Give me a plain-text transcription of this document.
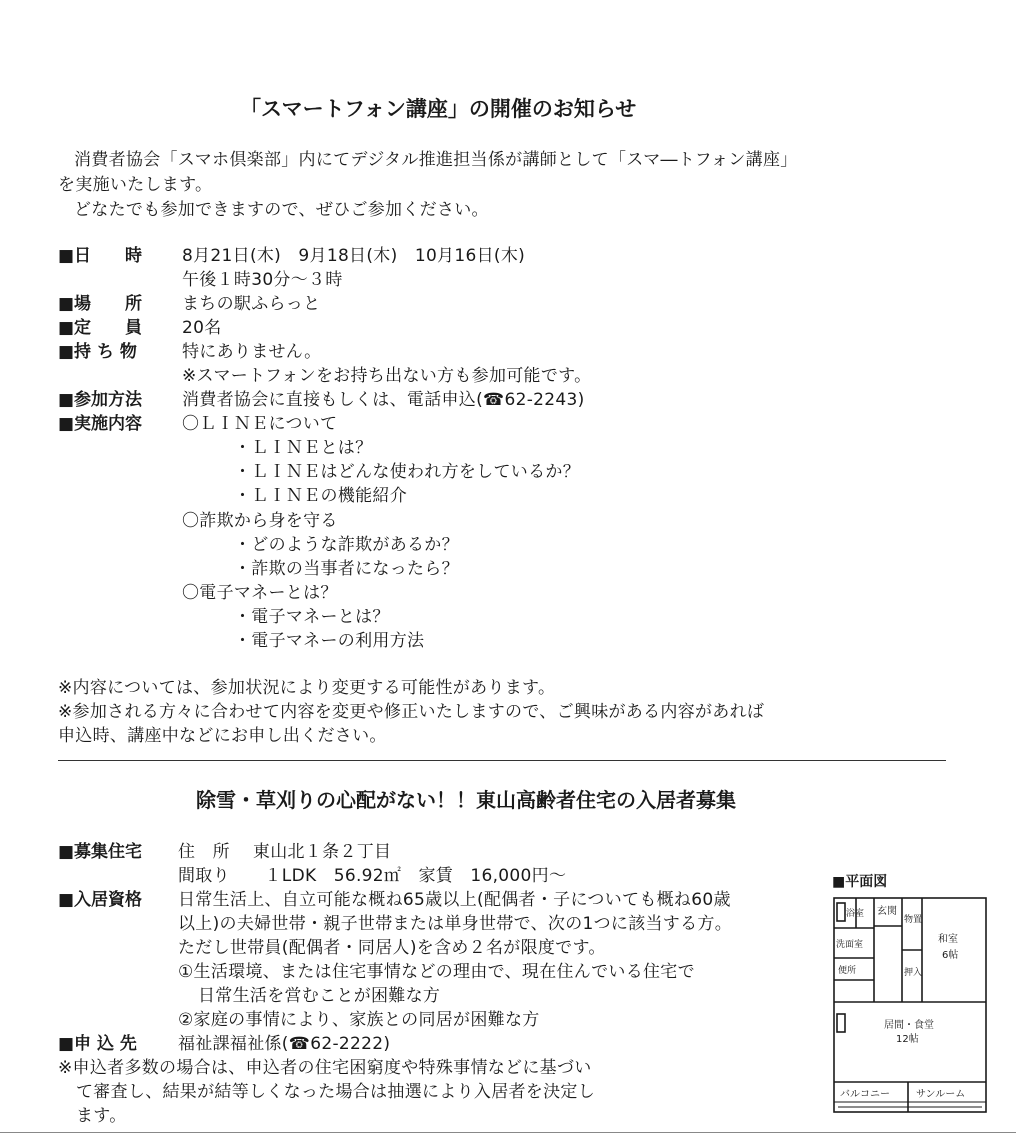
「スマートフォン講座」の開催のお知らせ
消費者協会「スマホ倶楽部」内にてデジタル推進担当係が講師として「スマ―トフォン講座」
を実施いたします。
どなたでも参加できますので、ぜひご参加ください。
■日　　時 8月21日(木)　9月18日(木)　10月16日(木)
午後１時30分～３時
■場　　所 まちの駅ふらっと
■定　　員 20名
■持 ち 物	特にありません。
※スマートフォンをお持ち出ない方も参加可能です。
■参加方法 消費者協会に直接もしくは、電話申込(☎62-2243)
■実施内容 〇ＬＩＮＥについて
・ＬＩＮＥとは？
・ＬＩＮＥはどんな使われ方をしているか？
・ＬＩＮＥの機能紹介
〇詐欺から身を守る
・どのような詐欺があるか？
・詐欺の当事者になったら？
〇電子マネーとは？
・電子マネーとは？
・電子マネーの利用方法
※内容については、参加状況により変更する可能性があります。
※参加される方々に合わせて内容を変更や修正いたしますので、ご興味がある内容があれば
申込時、講座中などにお申し出ください。
除雪・草刈りの心配がない！！東山高齢者住宅の入居者募集
■募集住宅 住　所　 東山北１条２丁目
間取り　　１LDK　56.92㎡　家賃　16,000円～
■入居資格 日常生活上、自立可能な概ね65歳以上(配偶者・子についても概ね60歳
以上)の夫婦世帯・親子世帯または単身世帯で、次の1つに該当する方。
ただし世帯員(配偶者・同居人)を含め２名が限度です。
①生活環境、または住宅事情などの理由で、現在住んでいる住宅で
日常生活を営むことが困難な方
②家庭の事情により、家族との同居が困難な方
■申 込 先 福祉課福祉係(☎62-2222)
※申込者多数の場合は、申込者の住宅困窮度や特殊事情などに基づい
て審査し、結果が結等しくなった場合は抽選により入居者を決定し
ます。
■平面図
浴室 玄関
物置
洗面室
便所	押入
和室
6帖
居間・食堂
12帖
バルコニー	サンルーム
